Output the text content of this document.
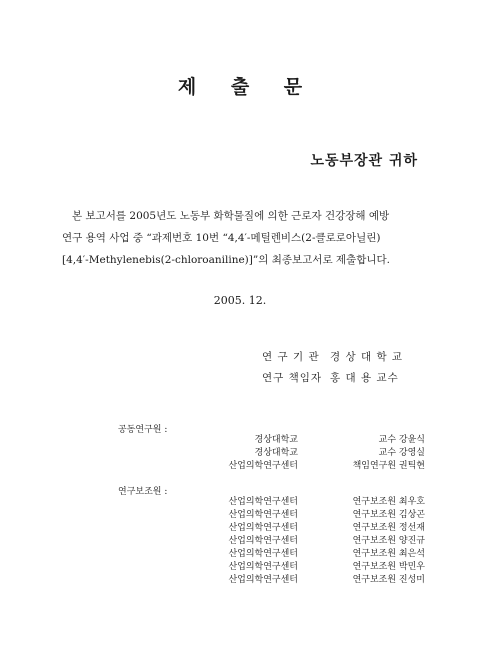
제 출 문
노동부장관 귀하
본 보고서를 2005년도 노동부 화학물질에 의한 근로자 건강장해 예방
연구 용역 사업 중 “과제번호 10번 “4,4′-메틸렌비스(2-클로로아닐린)
[4,4′-Methylenebis(2-chloroaniline)]”의 최종보고서로 제출합니다.
2005. 12.
연 구 기 관 경 상 대 학 교
연구 책임자 홍 대 용 교수
공동연구원 :
경상대학교	교수 강윤식
경상대학교	교수 강영실
산업의학연구센터	책임연구원 권틱현
연구보조원 :
산업의학연구센터	연구보조원 최우호
산업의학연구센터	연구보조원 김상곤
산업의학연구센터	연구보조원 정선재
산업의학연구센터	연구보조원 양진규
산업의학연구센터	연구보조원 최은석
산업의학연구센터	연구보조원 박민우
산업의학연구센터	연구보조원 진성미
